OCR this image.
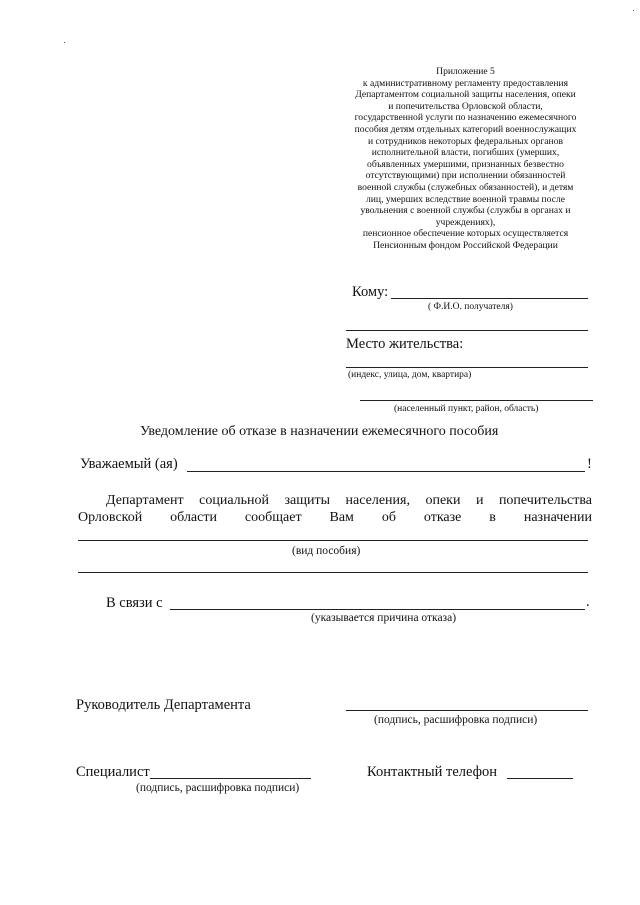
Приложение 5
к административному регламенту предоставления
Департаментом социальной защиты населения, опеки
и попечительства Орловской области,
государственной услуги по назначению ежемесячного
пособия детям отдельных категорий военнослужащих
и сотрудников некоторых федеральных органов
исполнительной власти, погибших (умерших,
объявленных умершими, признанных безвестно
отсутствующими) при исполнении обязанностей
военной службы (служебных обязанностей), и детям
лиц, умерших вследствие военной травмы после
увольнения с военной службы (службы в органах и
учреждениях),
пенсионное обеспечение которых осуществляется
Пенсионным фондом Российской Федерации
Кому:
( Ф.И.О. получателя)
Место жительства:
(индекс, улица, дом, квартира)
(населенный пункт, район, область)
Уведомление об отказе в назначении ежемесячного пособия
Уважаемый (ая)	!
Департамент социальной защиты населения, опеки и попечительства
Орловской области сообщает Вам об отказе в назначении
(вид пособия)
В связи с	.
(указывается причина отказа)
Руководитель Департамента
(подпись, расшифровка подписи)
Специалист
(подпись, расшифровка подписи)
Контактный телефон
